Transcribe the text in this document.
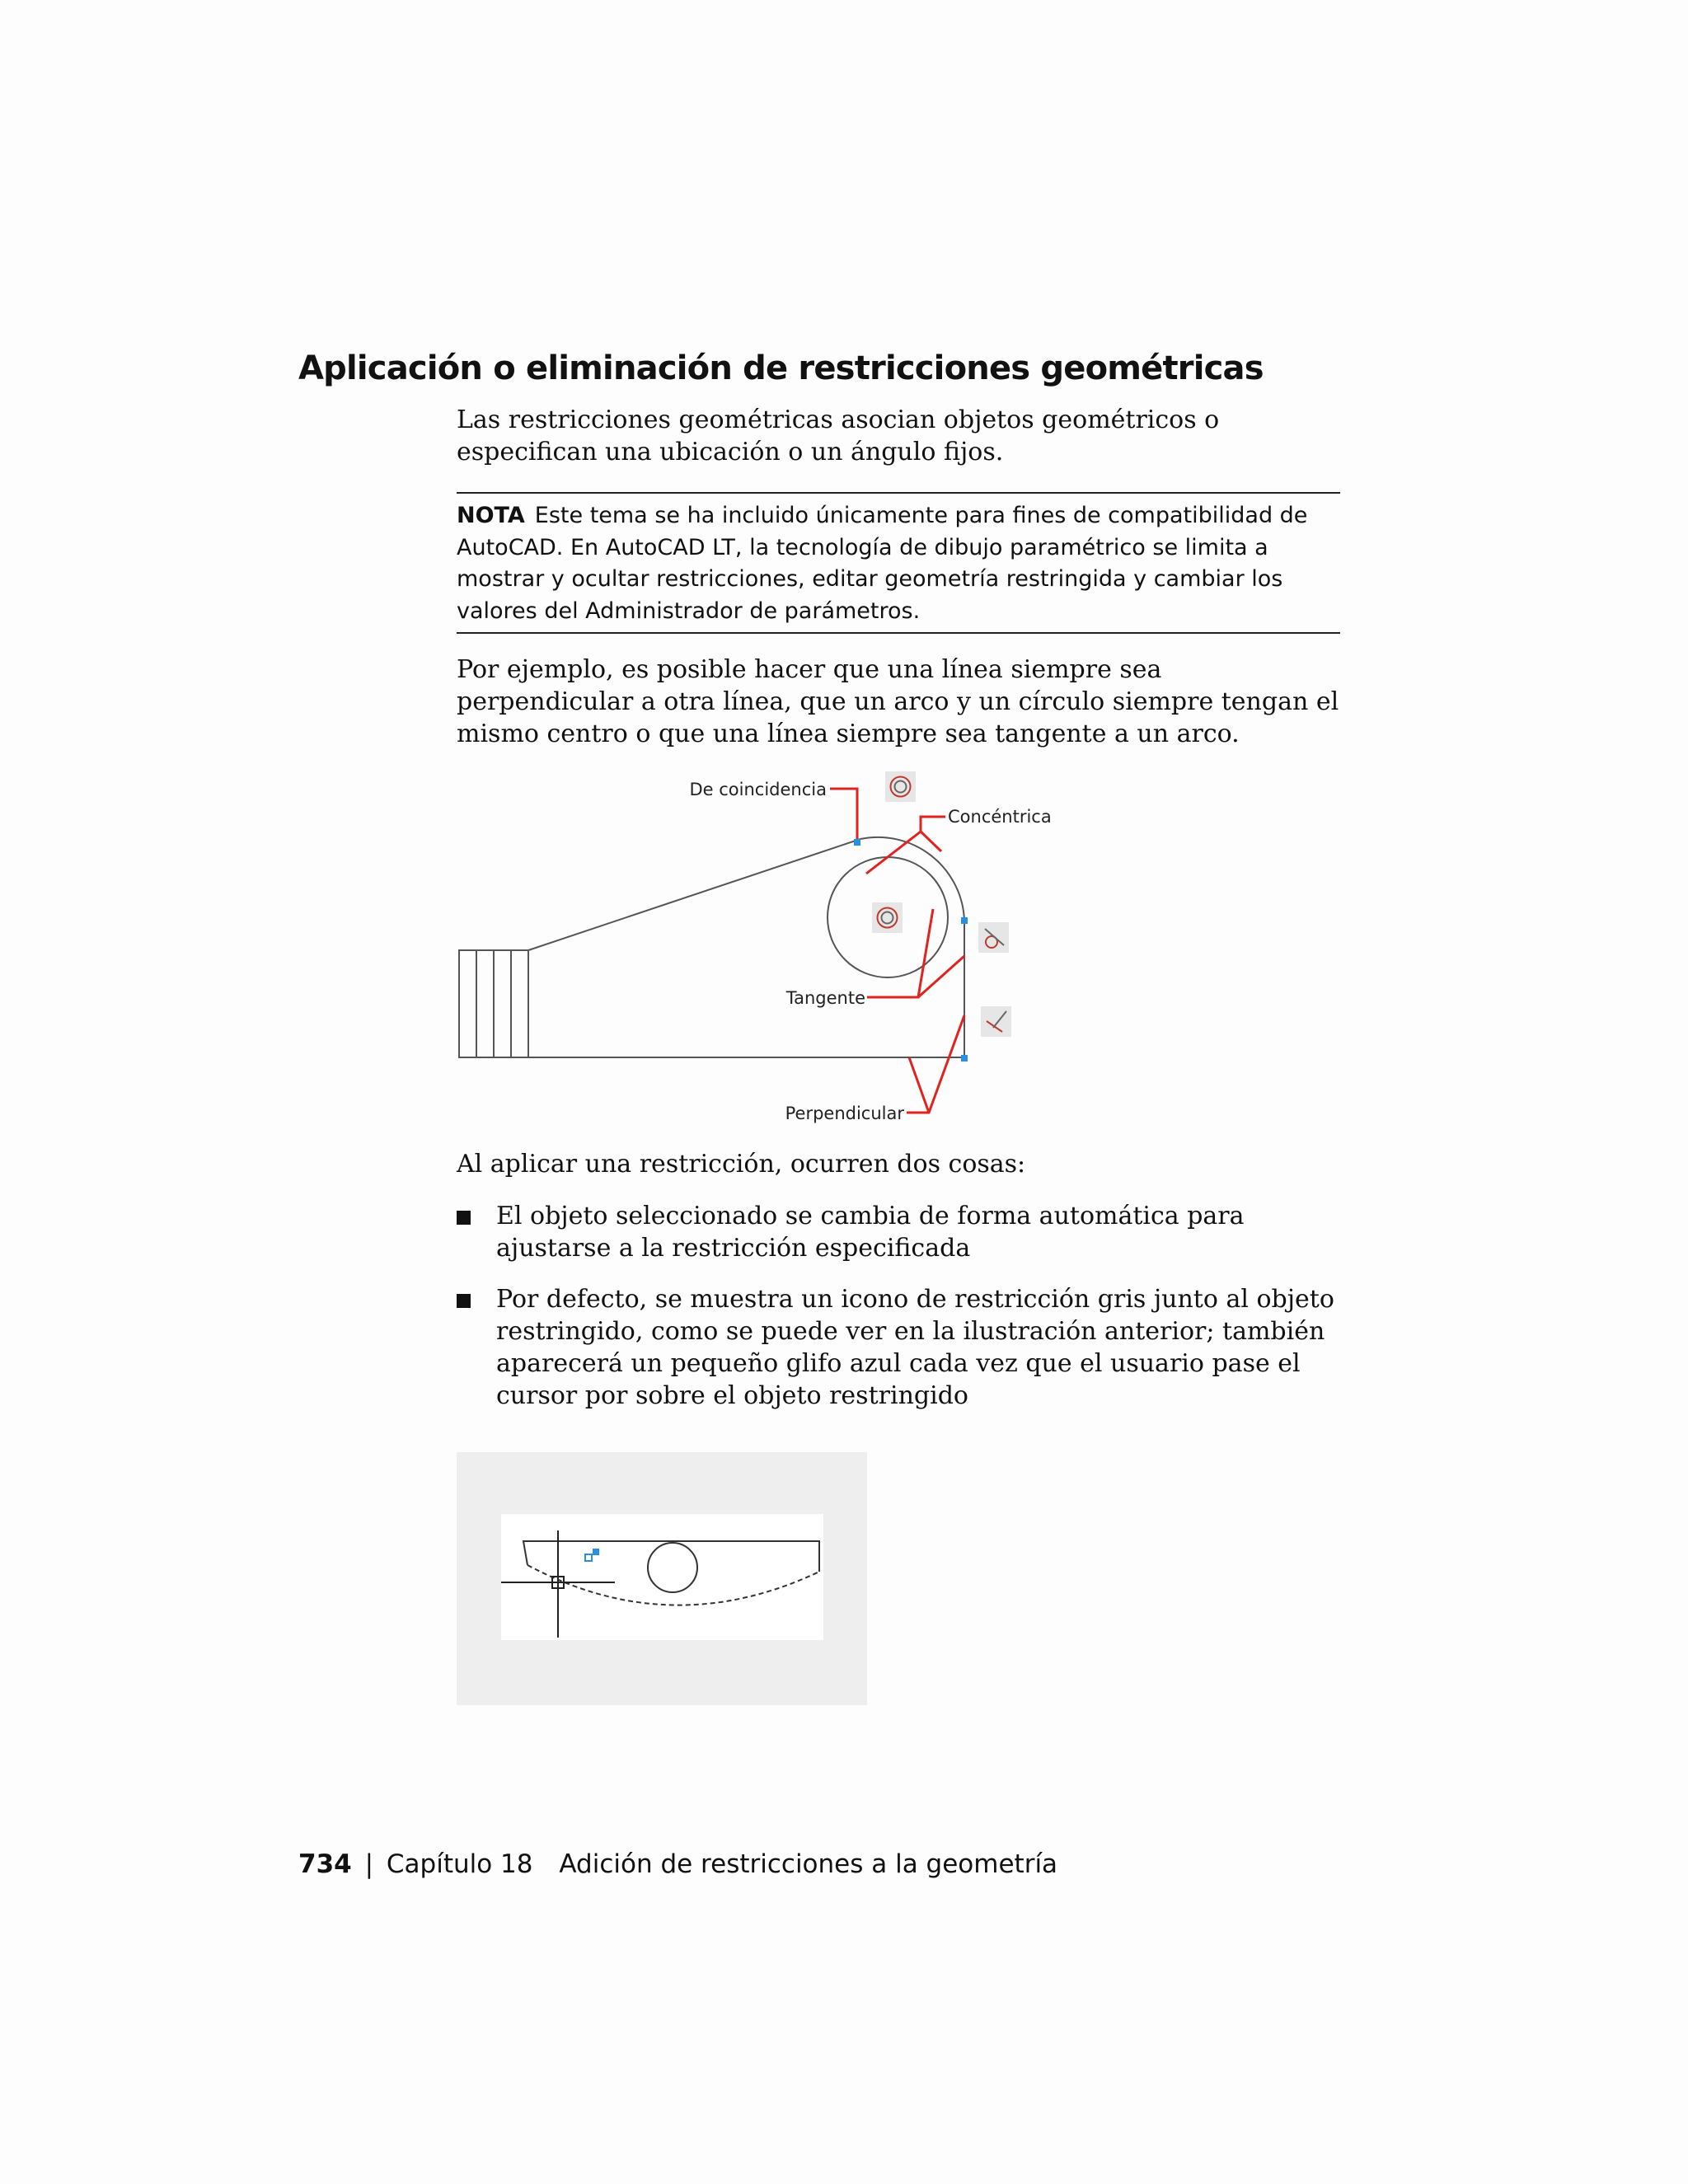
Aplicación o eliminación de restricciones geométricas

Las restricciones geométricas asocian objetos geométricos o especifican una ubicación o un ángulo fijos.

NOTA Este tema se ha incluido únicamente para fines de compatibilidad de AutoCAD. En AutoCAD LT, la tecnología de dibujo paramétrico se limita a mostrar y ocultar restricciones, editar geometría restringida y cambiar los valores del Administrador de parámetros.

Por ejemplo, es posible hacer que una línea siempre sea perpendicular a otra línea, que un arco y un círculo siempre tengan el mismo centro o que una línea siempre sea tangente a un arco.

De coincidencia
Concéntrica
Tangente
Perpendicular

Al aplicar una restricción, ocurren dos cosas:

El objeto seleccionado se cambia de forma automática para ajustarse a la restricción especificada
Por defecto, se muestra un icono de restricción gris junto al objeto restringido, como se puede ver en la ilustración anterior; también aparecerá un pequeño glifo azul cada vez que el usuario pase el cursor por sobre el objeto restringido
734 | Capítulo 18 Adición de restricciones a la geometría
